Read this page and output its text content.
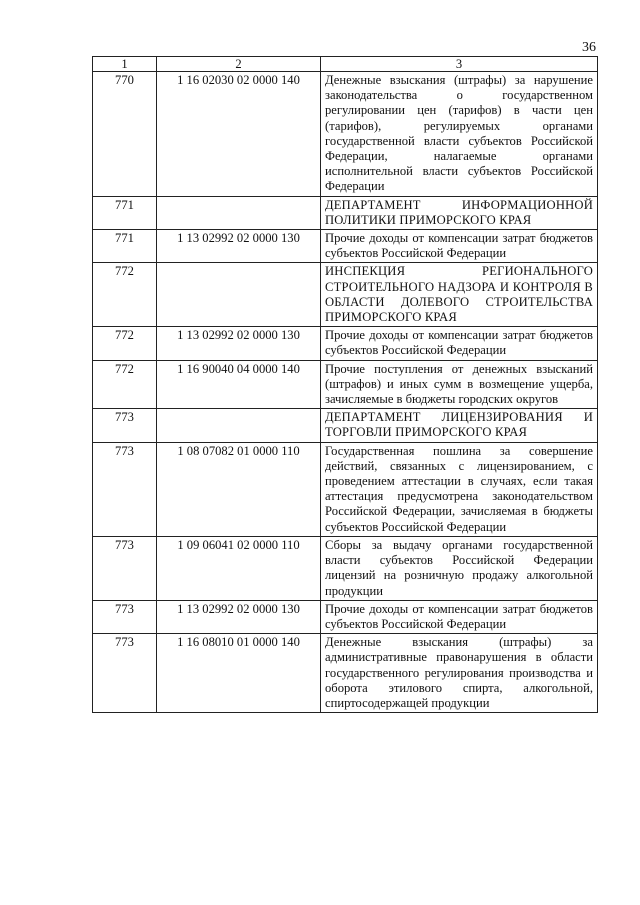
36
1	2	3
770	1 16 02030 02 0000 140	Денежные взыскания (штрафы) за нарушение законодательства о государственном регулировании цен (тарифов) в части цен (тарифов), регулируемых органами государственной власти субъектов Российской Федерации, налагаемые органами исполнительной власти субъектов Российской Федерации
771		ДЕПАРТАМЕНТ ИНФОРМАЦИОННОЙ ПОЛИТИКИ ПРИМОРСКОГО КРАЯ
771	1 13 02992 02 0000 130	Прочие доходы от компенсации затрат бюджетов субъектов Российской Федерации
772		ИНСПЕКЦИЯ РЕГИОНАЛЬНОГО СТРОИТЕЛЬНОГО НАДЗОРА И КОНТРОЛЯ В ОБЛАСТИ ДОЛЕВОГО СТРОИТЕЛЬСТВА ПРИМОРСКОГО КРАЯ
772	1 13 02992 02 0000 130	Прочие доходы от компенсации затрат бюджетов субъектов Российской Федерации
772	1 16 90040 04 0000 140	Прочие поступления от денежных взысканий (штрафов) и иных сумм в возмещение ущерба, зачисляемые в бюджеты городских округов
773		ДЕПАРТАМЕНТ ЛИЦЕНЗИРОВАНИЯ И ТОРГОВЛИ ПРИМОРСКОГО КРАЯ
773	1 08 07082 01 0000 110	Государственная пошлина за совершение действий, связанных с лицензированием, с проведением аттестации в случаях, если такая аттестация предусмотрена законодательством Российской Федерации, зачисляемая в бюджеты субъектов Российской Федерации
773	1 09 06041 02 0000 110	Сборы за выдачу органами государственной власти субъектов Российской Федерации лицензий на розничную продажу алкогольной продукции
773	1 13 02992 02 0000 130	Прочие доходы от компенсации затрат бюджетов субъектов Российской Федерации
773	1 16 08010 01 0000 140	Денежные взыскания (штрафы) за административные правонарушения в области государственного регулирования производства и оборота этилового спирта, алкогольной, спиртосодержащей продукции
